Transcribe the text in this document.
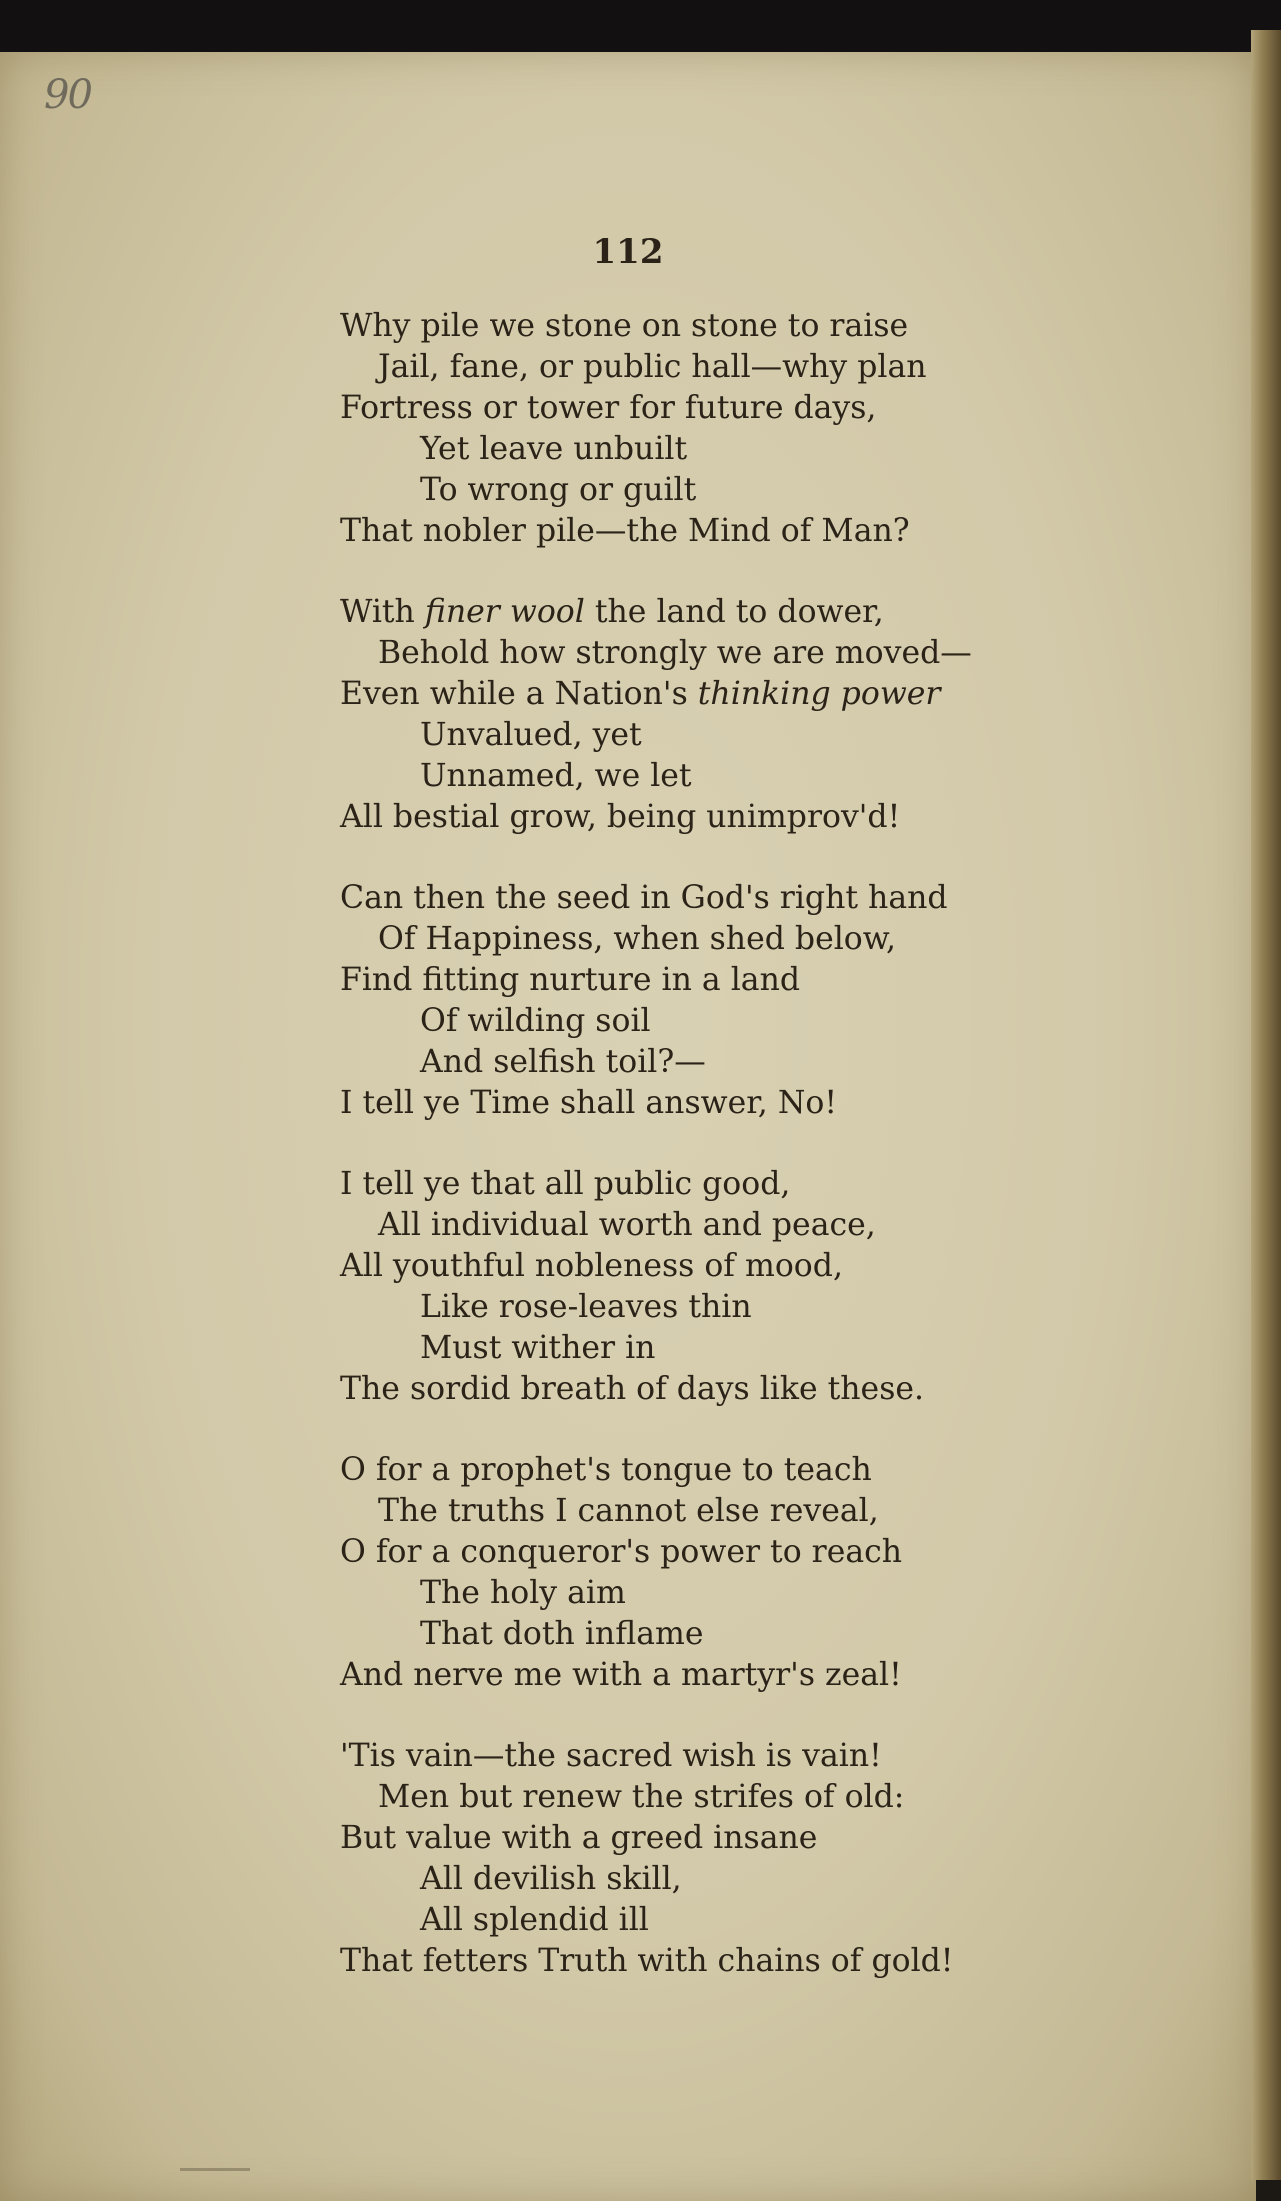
90
112
Why pile we stone on stone to raise
Jail, fane, or public hall—why plan
Fortress or tower for future days,
Yet leave unbuilt
To wrong or guilt
That nobler pile—the Mind of Man?
With finer wool the land to dower,
Behold how strongly we are moved—
Even while a Nation's thinking power
Unvalued, yet
Unnamed, we let
All bestial grow, being unimprov'd!
Can then the seed in God's right hand
Of Happiness, when shed below,
Find fitting nurture in a land
Of wilding soil
And selfish toil?—
I tell ye Time shall answer, No!
I tell ye that all public good,
All individual worth and peace,
All youthful nobleness of mood,
Like rose-leaves thin
Must wither in
The sordid breath of days like these.
O for a prophet's tongue to teach
The truths I cannot else reveal,
O for a conqueror's power to reach
The holy aim
That doth inflame
And nerve me with a martyr's zeal!
'Tis vain—the sacred wish is vain!
Men but renew the strifes of old:
But value with a greed insane
All devilish skill,
All splendid ill
That fetters Truth with chains of gold!
